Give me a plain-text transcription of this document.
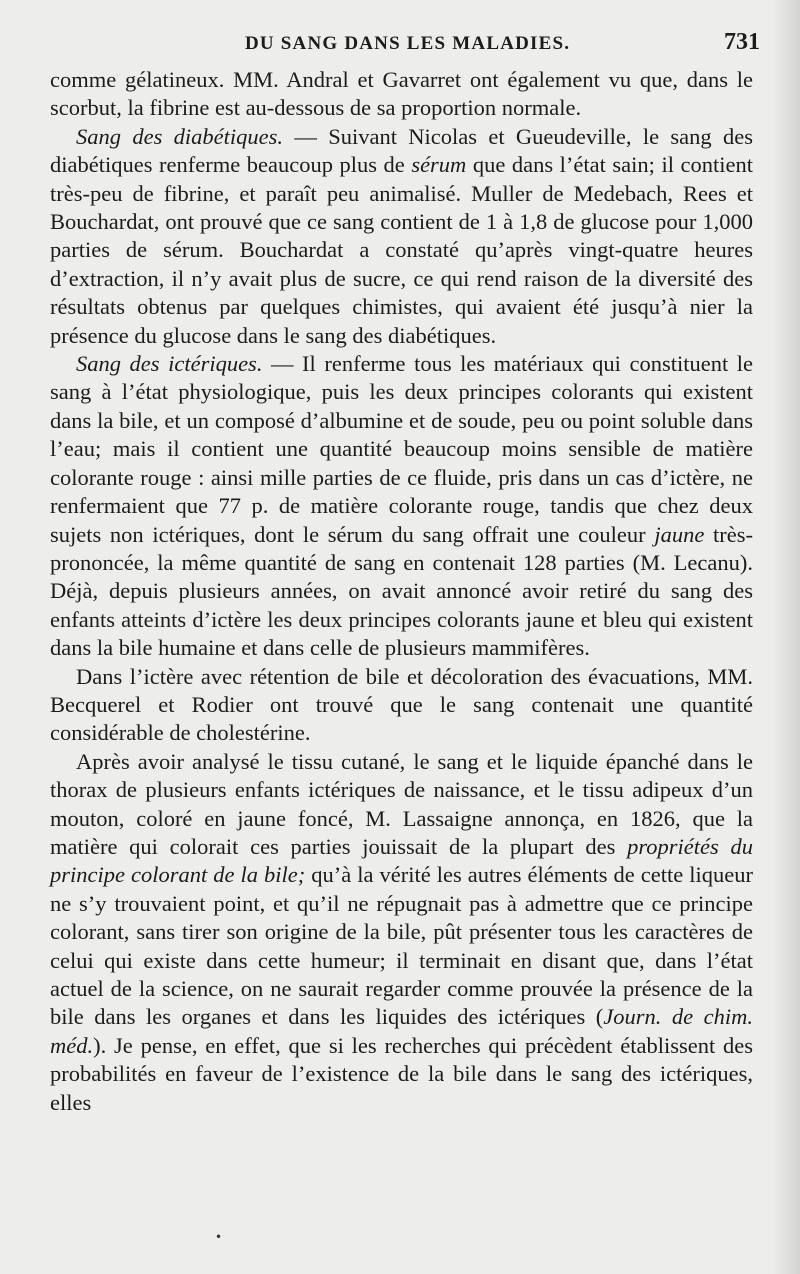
DU SANG DANS LES MALADIES.	731

comme gélatineux. MM. Andral et Gavarret ont également vu que, dans le scorbut, la fibrine est au-dessous de sa proportion normale.

Sang des diabétiques. — Suivant Nicolas et Gueudeville, le sang des diabétiques renferme beaucoup plus de sérum que dans l’état sain; il contient très-peu de fibrine, et paraît peu animalisé. Muller de Medebach, Rees et Bouchardat, ont prouvé que ce sang contient de 1 à 1,8 de glucose pour 1,000 parties de sérum. Bouchardat a constaté qu’après vingt-quatre heures d’extraction, il n’y avait plus de sucre, ce qui rend raison de la diversité des résultats obtenus par quelques chimistes, qui avaient été jusqu’à nier la présence du glucose dans le sang des diabétiques.

Sang des ictériques. — Il renferme tous les matériaux qui constituent le sang à l’état physiologique, puis les deux principes colorants qui existent dans la bile, et un composé d’albumine et de soude, peu ou point soluble dans l’eau; mais il contient une quantité beaucoup moins sensible de matière colorante rouge : ainsi mille parties de ce fluide, pris dans un cas d’ictère, ne renfermaient que 77 p. de matière colorante rouge, tandis que chez deux sujets non ictériques, dont le sérum du sang offrait une couleur jaune très-prononcée, la même quantité de sang en contenait 128 parties (M. Lecanu). Déjà, depuis plusieurs années, on avait annoncé avoir retiré du sang des enfants atteints d’ictère les deux principes colorants jaune et bleu qui existent dans la bile humaine et dans celle de plusieurs mammifères.

Dans l’ictère avec rétention de bile et décoloration des évacuations, MM. Becquerel et Rodier ont trouvé que le sang contenait une quantité considérable de cholestérine.

Après avoir analysé le tissu cutané, le sang et le liquide épanché dans le thorax de plusieurs enfants ictériques de naissance, et le tissu adipeux d’un mouton, coloré en jaune foncé, M. Lassaigne annonça, en 1826, que la matière qui colorait ces parties jouissait de la plupart des propriétés du principe colorant de la bile; qu’à la vérité les autres éléments de cette liqueur ne s’y trouvaient point, et qu’il ne répugnait pas à admettre que ce principe colorant, sans tirer son origine de la bile, pût présenter tous les caractères de celui qui existe dans cette humeur; il terminait en disant que, dans l’état actuel de la science, on ne saurait regarder comme prouvée la présence de la bile dans les organes et dans les liquides des ictériques (Journ. de chim. méd.). Je pense, en effet, que si les recherches qui précèdent établissent des probabilités en faveur de l’existence de la bile dans le sang des ictériques, elles

•
